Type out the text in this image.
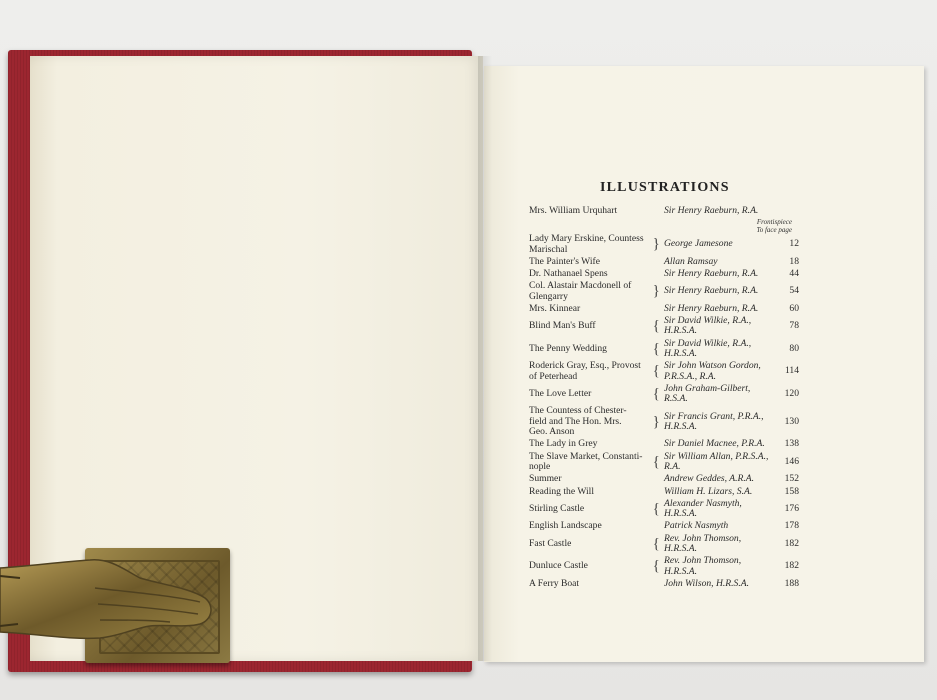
ILLUSTRATIONS
Mrs. William Urquhart	Sir Henry Raeburn, R.A.
Frontispiece
To face page
Lady Mary Erskine, Countess
Marischal	} George Jamesone	12
The Painter's Wife	Allan Ramsay	18
Dr. Nathanael Spens	Sir Henry Raeburn, R.A.	44
Col. Alastair Macdonell of
Glengarry	} Sir Henry Raeburn, R.A.	54
Mrs. Kinnear	Sir Henry Raeburn, R.A.	60
Blind Man's Buff	{ Sir David Wilkie, R.A.,
H.R.S.A.	78
The Penny Wedding	{ Sir David Wilkie, R.A.,
H.R.S.A.	80
Roderick Gray, Esq., Provost
of Peterhead	{ Sir John Watson Gordon,
P.R.S.A., R.A.	114
The Love Letter	{ John Graham-Gilbert,
R.S.A.	120
The Countess of Chester-
field and The Hon. Mrs.
Geo. Anson
} Sir Francis Grant, P.R.A.,
H.R.S.A.	130
The Lady in Grey	Sir Daniel Macnee, P.R.A.	138
The Slave Market, Constanti-
nople	{ Sir William Allan, P.R.S.A.,
R.A.	146
Summer	Andrew Geddes, A.R.A.	152
Reading the Will	William H. Lizars, S.A.	158
Stirling Castle	{ Alexander Nasmyth,
H.R.S.A.	176
English Landscape	Patrick Nasmyth	178
Fast Castle	{ Rev. John Thomson,
H.R.S.A.	182
Dunluce Castle	{ Rev. John Thomson,
H.R.S.A.	182
A Ferry Boat	John Wilson, H.R.S.A.	188
